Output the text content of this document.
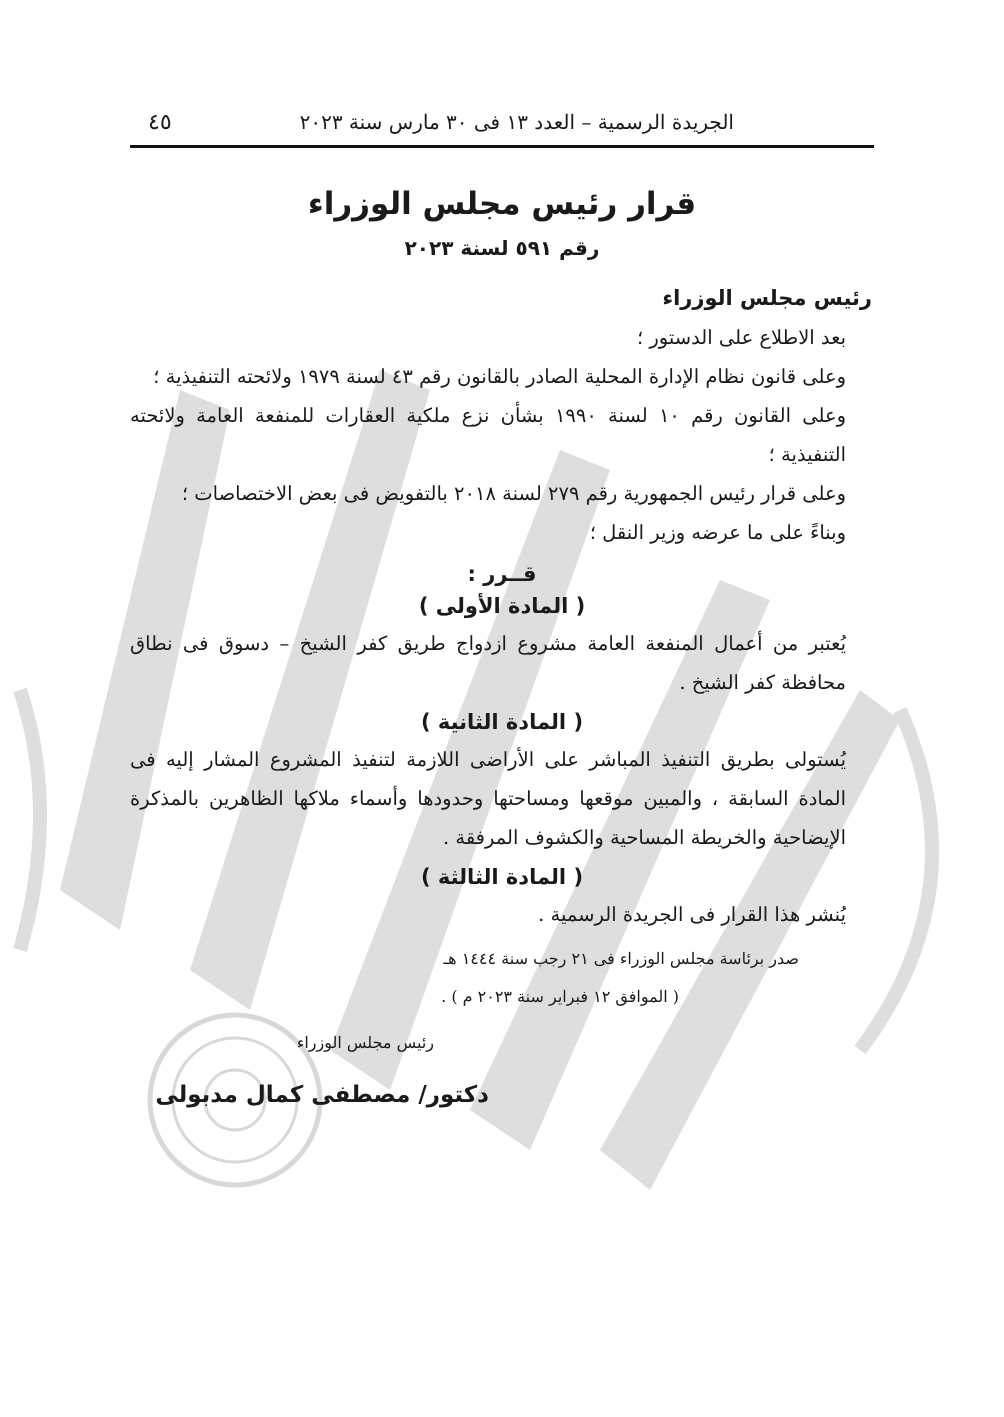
الجريدة الرسمية – العدد ١٣ فى ٣٠ مارس سنة ٢٠٢٣
٤٥
قرار رئيس مجلس الوزراء
رقم ٥٩١ لسنة ٢٠٢٣
رئيس مجلس الوزراء

بعد الاطلاع على الدستور ؛

وعلى قانون نظام الإدارة المحلية الصادر بالقانون رقم ٤٣ لسنة ١٩٧٩ ولائحته التنفيذية ؛

وعلى القانون رقم ١٠ لسنة ١٩٩٠ بشأن نزع ملكية العقارات للمنفعة العامة ولائحته التنفيذية ؛

وعلى قرار رئيس الجمهورية رقم ٢٧٩ لسنة ٢٠١٨ بالتفويض فى بعض الاختصاصات ؛

وبناءً على ما عرضه وزير النقل ؛

قــرر :
( المادة الأولى )

يُعتبر من أعمال المنفعة العامة مشروع ازدواج طريق كفر الشيخ – دسوق فى نطاق محافظة كفر الشيخ .

( المادة الثانية )

يُستولى بطريق التنفيذ المباشر على الأراضى اللازمة لتنفيذ المشروع المشار إليه فى المادة السابقة ، والمبين موقعها ومساحتها وحدودها وأسماء ملاكها الظاهرين بالمذكرة الإيضاحية والخريطة المساحية والكشوف المرفقة .

( المادة الثالثة )

يُنشر هذا القرار فى الجريدة الرسمية .

صدر برئاسة مجلس الوزراء فى ٢١ رجب سنة ١٤٤٤ هـ
( الموافق ١٢ فبراير سنة ٢٠٢٣ م ) .
رئيس مجلس الوزراء
دكتور/ مصطفى كمال مدبولى
